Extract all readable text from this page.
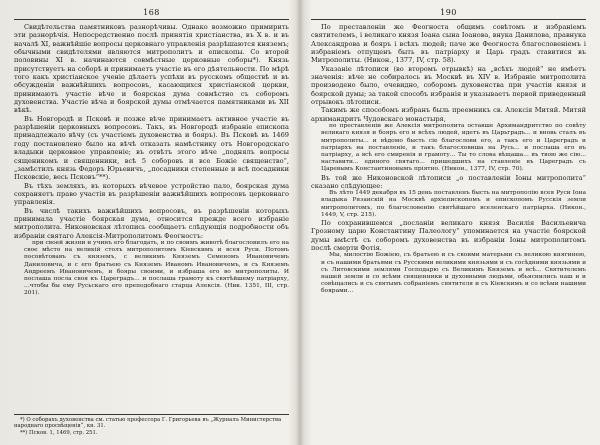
168

Свидѣтельства памятниковъ разнорѣчивы. Однако возможно примирить эти разнорѣчія. Непосредственно послѣ принятія христіанства, въ X в. и въ началѣ XI, важнѣйшіе вопросы церковнаго управленія разрѣшаются княземъ; обычными свидѣтелями являются митрополитъ и епископы. Со второй половины XI в. начинаются совмѣстные церковные соборы*). Князь присутствуетъ на соборѣ и принимаетъ участіе въ его дѣятельности. По мѣрѣ того какъ христіанское ученіе дѣлаетъ успѣхи въ русскомъ обществѣ и въ обсужденіи важнѣйшихъ вопросовъ, касающихся христіанской церкви, принимаютъ участіе вѣче и боярская дума совмѣстно съ соборомъ духовенства. Участіе вѣча и боярской думы отмѣчается памятниками въ XII вѣкѣ.

Въ Новгородѣ и Псковѣ и позже вѣче принимаетъ активное участіе въ разрѣшеніи церковныхъ вопросовъ. Такъ, въ Новгородѣ избраніе епископа принадлежало вѣчу (съ участіемъ духовенства и бояръ). Въ Псковѣ въ 1469 году постановлено было на вѣчѣ отказать намѣстнику отъ Новгородскаго владыки церковное управленіе; въ отвѣтъ этого вѣче „поднялъ вопросы сященикомъ и священники, всѣ 5 соборовъ и все Божіе священство“, „замѣстилъ князь Федоръ Юрьевичъ, „посадники степенные и всѣ посадники Псковскіе, весь Псковъ“**).

Въ тѣхъ земляхъ, въ которыхъ вѣчевое устройство пало, боярская дума сохраняетъ право участія въ разрѣшеніи важнѣйшихъ вопросовъ церковнаго управленія.

Въ числѣ такихъ важнѣйшихъ вопросовъ, въ разрѣшеніи которыхъ принимала участіе боярская дума, относится прежде всего избраніе митрополита. Никоновская лѣтопись сообщаетъ слѣдующія подробности объ избраніи святаго Алексія-Митрополитомъ Феогностъ:

при своей жизни и учинъ его благодать, и по своимъ животѣ благословилъ его на свое мѣсто на великій столъ митрополитомъ Кіевскимъ и всея Руси. Потомъ посовѣтовавъ съ княземъ, с великимъ Княземъ Семеномъ Ивановичемъ Даниловича, и с его братьею съ Княземъ Иваномъ Ивановичемъ, и съ Княземъ Андреемъ Ивановичемъ, и бояры своими, и избраша его во митрополиты. И послаша посла своя къ Цареградъ... и послаша грамоту къ святѣйшему патріарху, ...чтобы бы ему Русьскаго его преподобнаго старца Алексія. (Ник. 1351, III, стр. 201).

*) О соборахъ духовенства см. статью профессора Г. Григорьева въ „Журналъ Министерства народнаго просвѣщенія“, кн. 31.

**) Псков. 1, 1469, стр. 251.

190

По преставленіи же Феогноста общимъ совѣтомъ и избраніемъ святителемъ, і великаго князя Іоана сына Іоанова, внука Данилова, правнука Александрова и бояръ і всѣхъ людей; паче же Феогноста благословеніемъ і избраніемъ отпущенъ быть въ патріарху и Царь градъ ставитися въ Митрополиты. (Никон., 1377, IV, стр. 58).

Указаніе лѣтописи (во второмъ отрывкѣ) на „всѣхъ людей“ не имѣетъ значенія: вѣче не собиралось въ Москвѣ въ XIV в. Избраніе митрополита производено было, очевидно, соборомъ духовенства при участіи князя и боярской думы; за такой способъ избранія и указываетъ первой приведенный отрывокъ лѣтописи.

Такимъ же способомъ избранъ быль преемникъ св. Алексія Митяй. Митяй архимандритъ Чудовскаго монастыря,

по преставленіи же Алексія митрополита оставше Архимандритство по совѣту великаго князя и бояръ его и всѣхъ людей, идетъ въ Царьградъ... и вновь сталъ въ митрополиты... и вѣдомо бысть сіе благослови его, а такъ его и Цареградъ и патріархъ на поставленіе, и такъ благословиша на Русь... и послаша его въ патріарху, а всѣ его смиренія и грамоту... Ты то слова вѣщаша... въ твою же сію... наставити... единого святаго... пришедшихъ на ставленіе въ Цареградъ съ Царевымъ Константиновымъ пріятно. (Никон., 1377, IV, стр. 70).

Въ той же Никоновской лѣтописи „о поставленіи Іоны митрополита“ сказано слѣдующее:

Въ лѣто 1449 декабря въ 15 день поставленъ бысть на митрополію всея Руси Іона владыка Рязанскій на Москвѣ архіепископомъ и епископомъ Русскія земли митрополитомъ, по благословенію святѣйшаго вселенскаго патріарха. (Никон., 1449, V, стр. 215).

По сохранившемся „посланіи великаго князя Василія Васильевича Грозному царю Константину Палеологу“ упоминается на участіе боярской думы вмѣстѣ съ соборомъ духовенства въ избраніи Іоны митрополитомъ послѣ смерти Фотія.

Мы, милостію Божіею, съ братьею и съ своими матерьми съ великою княгинею, и съ нашими братьями съ Русскими великими князьями и съ сосѣдними князьями и съ Литовскими землями Господарю съ Великимъ Княземъ и всѣ... Святителемъ нашей земли и со всѣми священники и духовными людьми, обьяснились наш и и совѣщались и съ святымъ собраніемъ святителя и съ Кіевскимъ и со всѣми нашими боярами...
